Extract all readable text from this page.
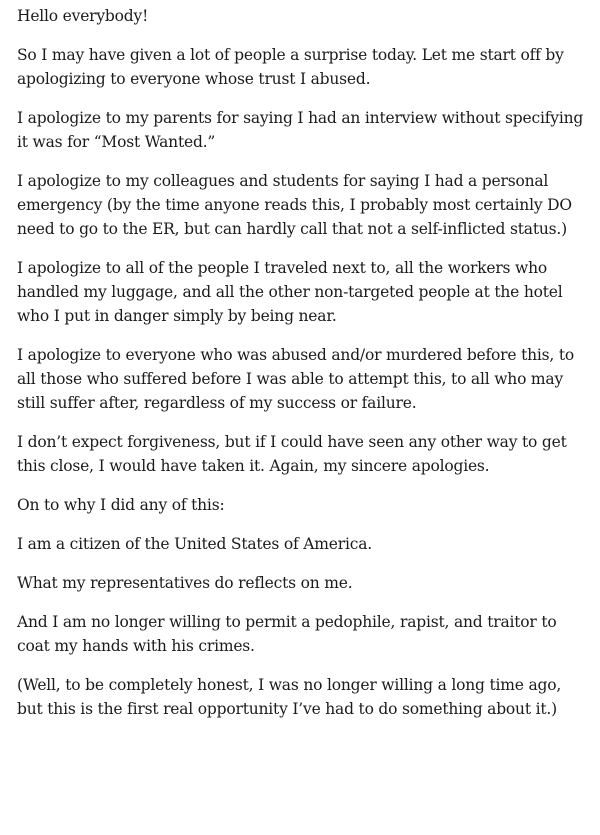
Hello everybody!

So I may have given a lot of people a surprise today. Let me start off by apologizing to everyone whose trust I abused.

I apologize to my parents for saying I had an interview without specifying it was for “Most Wanted.”

I apologize to my colleagues and students for saying I had a personal emergency (by the time anyone reads this, I probably most certainly DO need to go to the ER, but can hardly call that not a self-inflicted status.)

I apologize to all of the people I traveled next to, all the workers who handled my luggage, and all the other non-targeted people at the hotel who I put in danger simply by being near.

I apologize to everyone who was abused and/or murdered before this, to all those who suffered before I was able to attempt this, to all who may still suffer after, regardless of my success or failure.

I don’t expect forgiveness, but if I could have seen any other way to get this close, I would have taken it. Again, my sincere apologies.

On to why I did any of this:

I am a citizen of the United States of America.

What my representatives do reflects on me.

And I am no longer willing to permit a pedophile, rapist, and traitor to coat my hands with his crimes.

(Well, to be completely honest, I was no longer willing a long time ago, but this is the first real opportunity I’ve had to do something about it.)
